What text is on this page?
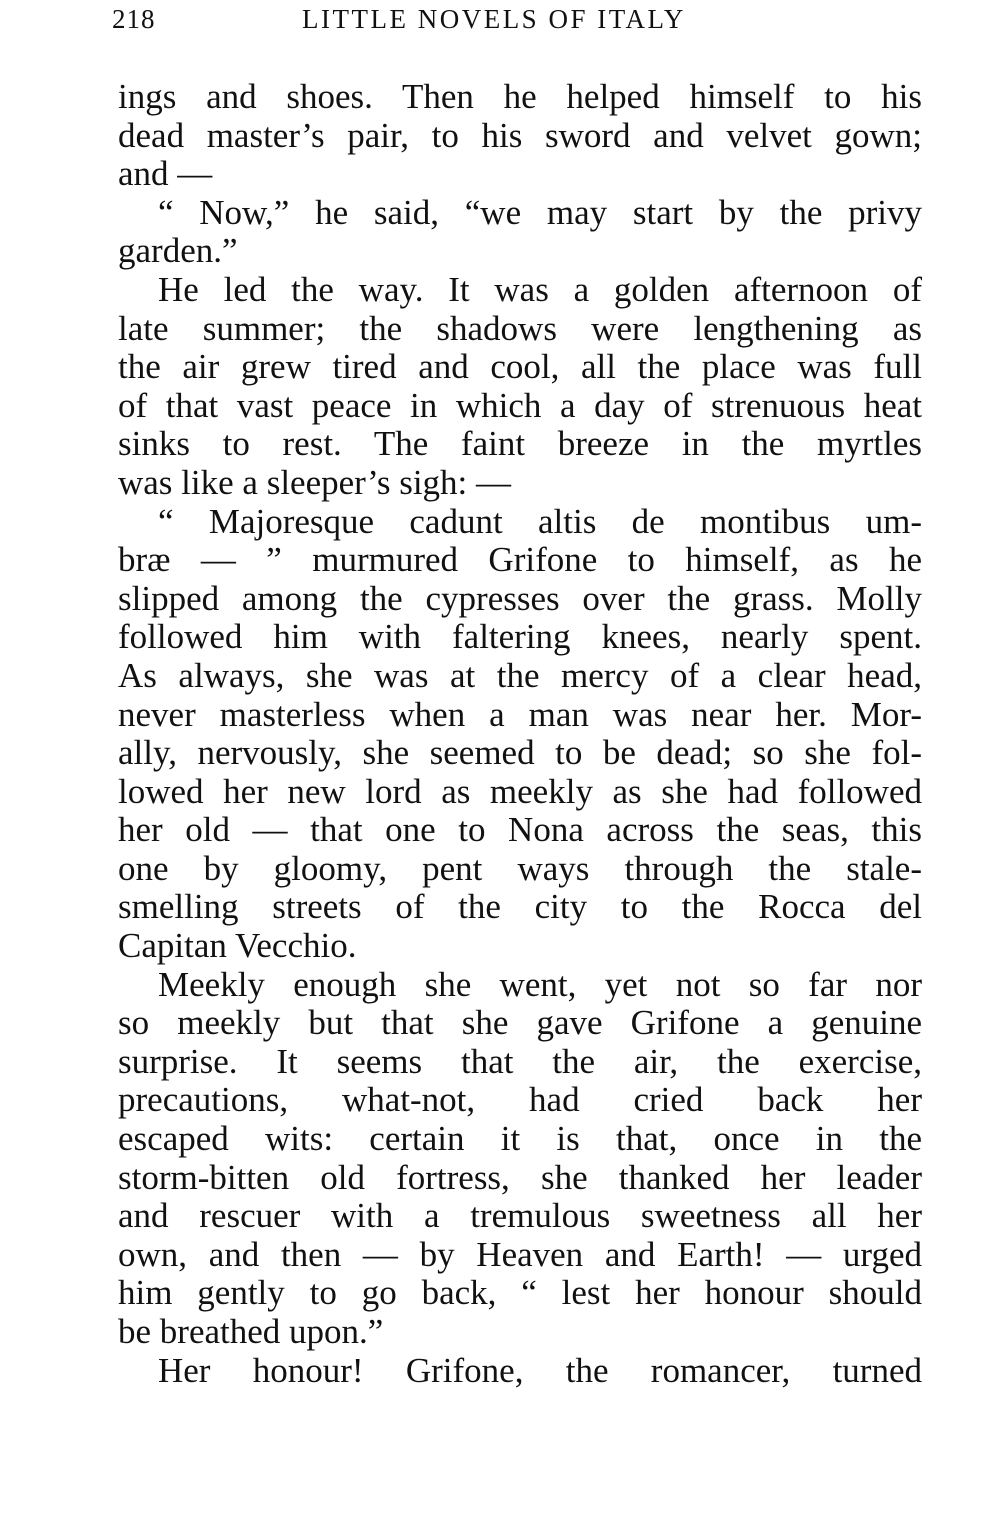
218	LITTLE NOVELS OF ITALY
ings and shoes. Then he helped himself to his
dead master’s pair, to his sword and velvet gown;
and —
“ Now,” he said, “we may start by the privy
garden.”
He led the way. It was a golden afternoon of
late summer; the shadows were lengthening as
the air grew tired and cool, all the place was full
of that vast peace in which a day of strenuous heat
sinks to rest. The faint breeze in the myrtles
was like a sleeper’s sigh: —
“ Majoresque cadunt altis de montibus um-
bræ — ” murmured Grifone to himself, as he
slipped among the cypresses over the grass. Molly
followed him with faltering knees, nearly spent.
As always, she was at the mercy of a clear head,
never masterless when a man was near her. Mor-
ally, nervously, she seemed to be dead; so she fol-
lowed her new lord as meekly as she had followed
her old — that one to Nona across the seas, this
one by gloomy, pent ways through the stale-
smelling streets of the city to the Rocca del
Capitan Vecchio.
Meekly enough she went, yet not so far nor
so meekly but that she gave Grifone a genuine
surprise. It seems that the air, the exercise,
precautions, what-not, had cried back her
escaped wits: certain it is that, once in the
storm-bitten old fortress, she thanked her leader
and rescuer with a tremulous sweetness all her
own, and then — by Heaven and Earth! — urged
him gently to go back, “ lest her honour should
be breathed upon.”
Her honour! Grifone, the romancer, turned
